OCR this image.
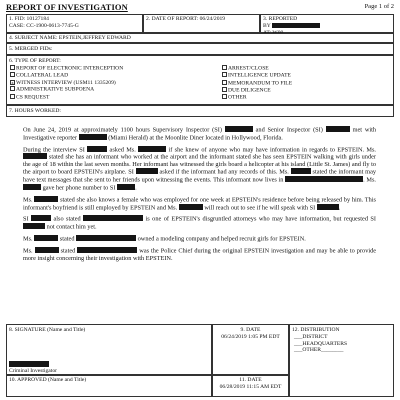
REPORT OF INVESTIGATION	Page 1 of 2
1. FID: 10127184
CASE: CC-1900-0613-7745-G
2. DATE OF REPORT: 06/24/2019	3. REPORTED
BY
AT: W00
4. SUBJECT NAME: EPSTEIN,JEFFREY EDWARD
5. MERGED FIDs:
6. TYPE OF REPORT:
REPORT OF ELECTRONIC INTERCEPTION
COLLATERAL LEAD
x WITNESS INTERVIEW (USM11 1335209)
ADMINISTRATIVE SUBPOENA
CS REQUEST
ARREST/CLOSE
INTELLIGENCE UPDATE
MEMORANDUM TO FILE
DUE DILIGENCE
OTHER
7. HOURS WORKED:

On June 24, 2019 at approximately 1100 hours Supervisory Inspector (SI)	and Senior Inspector (SI)	met with Investigative reporter	(Miami Herald) at the Moonlite Diner located in Hollywood, Florida.

During the interview SI	asked Ms.	if she knew of anyone who may have information in regards to EPSTEIN. Ms.  stated she has an informant who worked at the airport and the informant stated she has seen EPSTEIN walking with girls under the age of 18 within the last seven months. Her informant has witnessed the girls board a helicopter at his island (Little St. James) and fly to the airport to board EPSTEIN's airplane. SI	asked if the informant had any records of this. Ms.	stated the informant may have text messages that she sent to her friends upon witnessing the events. This informant now lives in	. Ms.  gave her phone number to SI	.

Ms.	stated she also knows a female who was employed for one week at EPSTEIN's residence before being released by him. This informant's boyfriend is still employed by EPSTEIN and Ms.	will reach out to see if he will speak with SI	.

SI	also stated	is one of EPSTEIN's disgruntled attorneys who may have information, but requested SI  not contact him yet.

Ms.	stated	owned a modeling company and helped recruit girls for EPSTEIN.

Ms.	stated	was the Police Chief during the original EPSTEIN investigation and may be able to provide more insight concerning their investigation with EPSTEIN.

8. SIGNATURE (Name and Title)
Criminal Investigator
9. DATE
06/24/2019 1:05 PM EDT
12. DISTRIBUTION
___DISTRICT
___HEADQUARTERS
___OTHER________
10. APPROVED (Name and Title)	11. DATE
06/28/2019 11:15 AM EDT
